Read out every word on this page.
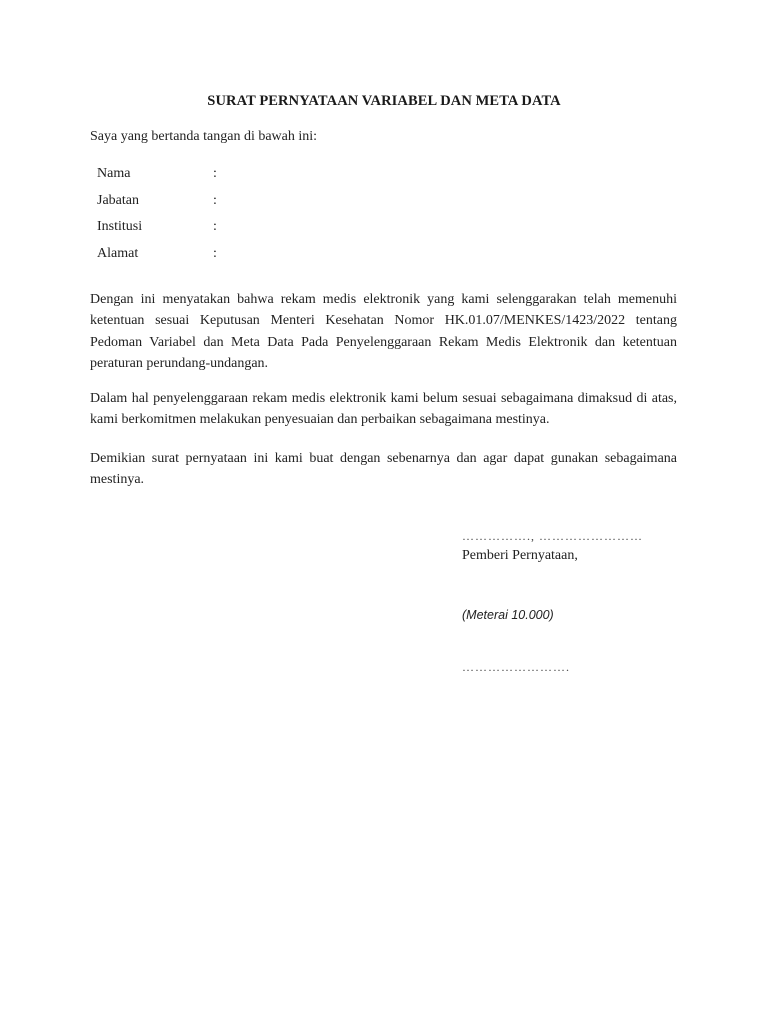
SURAT PERNYATAAN VARIABEL DAN META DATA
Saya yang bertanda tangan di bawah ini:
Nama	:
Jabatan	:
Institusi	:
Alamat	:
Dengan ini menyatakan bahwa rekam medis elektronik yang kami selenggarakan telah memenuhi ketentuan sesuai Keputusan Menteri Kesehatan Nomor HK.01.07/MENKES/1423/2022 tentang Pedoman Variabel dan Meta Data Pada Penyelenggaraan Rekam Medis Elektronik dan ketentuan peraturan perundang-undangan.
Dalam hal penyelenggaraan rekam medis elektronik kami belum sesuai sebagaimana dimaksud di atas, kami berkomitmen melakukan penyesuaian dan perbaikan sebagaimana mestinya.
Demikian surat pernyataan ini kami buat dengan sebenarnya dan agar dapat gunakan sebagaimana mestinya.
……………., ……………………
Pemberi Pernyataan,
(Meterai 10.000)
…………………….
